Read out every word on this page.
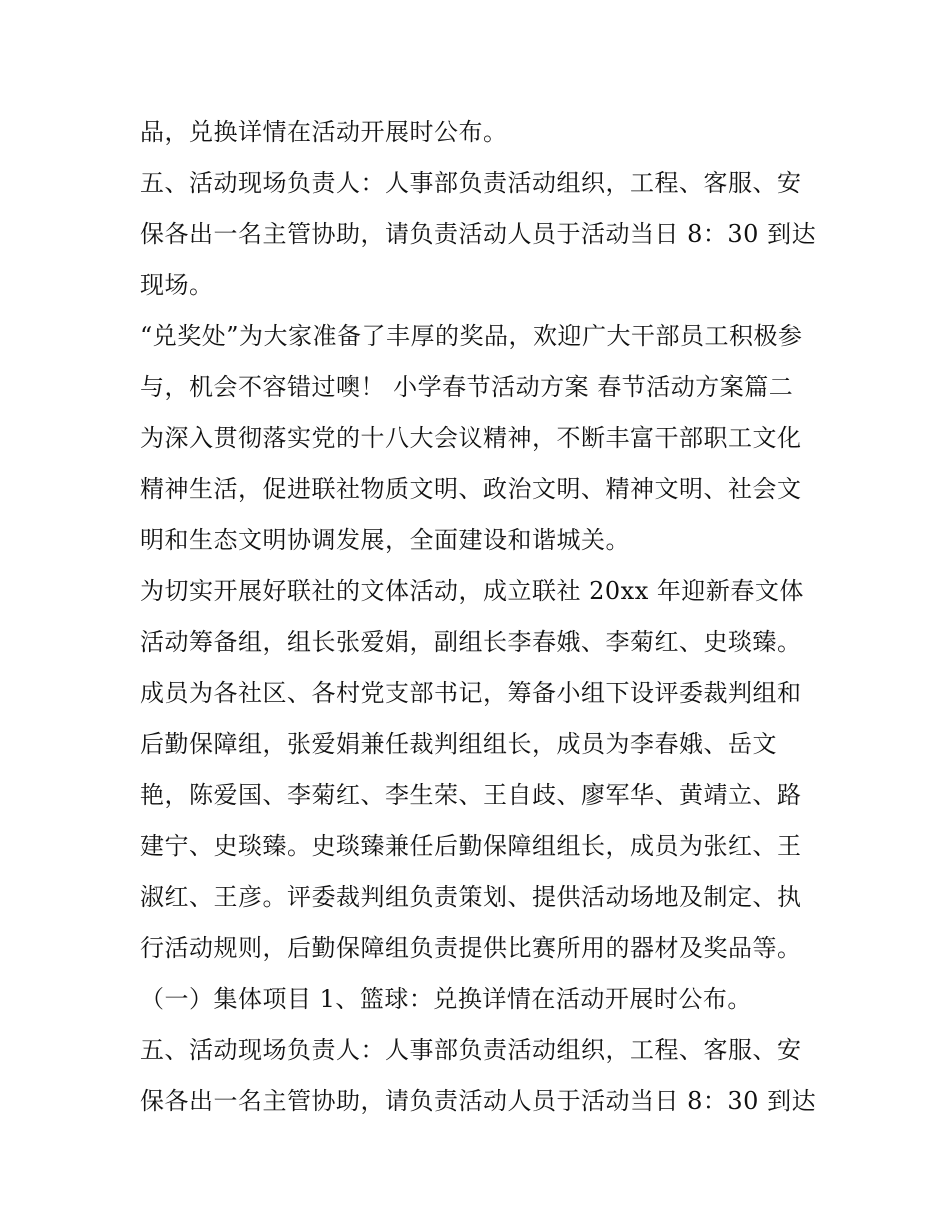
品，兑换详情在活动开展时公布。
五、活动现场负责人：人事部负责活动组织，工程、客服、安
保各出一名主管协助，请负责活动人员于活动当日 8：30 到达
现场。
“兑奖处”为大家准备了丰厚的奖品，欢迎广大干部员工积极参
与，机会不容错过噢！ 小学春节活动方案 春节活动方案篇二
为深入贯彻落实党的十八大会议精神，不断丰富干部职工文化
精神生活，促进联社物质文明、政治文明、精神文明、社会文
明和生态文明协调发展，全面建设和谐城关。
为切实开展好联社的文体活动，成立联社 20xx 年迎新春文体
活动筹备组，组长张爱娟，副组长李春娥、李菊红、史琰臻。
成员为各社区、各村党支部书记，筹备小组下设评委裁判组和
后勤保障组，张爱娟兼任裁判组组长，成员为李春娥、岳文
艳，陈爱国、李菊红、李生荣、王自歧、廖军华、黄靖立、路
建宁、史琰臻。史琰臻兼任后勤保障组组长，成员为张红、王
淑红、王彦。评委裁判组负责策划、提供活动场地及制定、执
行活动规则，后勤保障组负责提供比赛所用的器材及奖品等。
（一）集体项目 1、篮球：兑换详情在活动开展时公布。
五、活动现场负责人：人事部负责活动组织，工程、客服、安
保各出一名主管协助，请负责活动人员于活动当日 8：30 到达
